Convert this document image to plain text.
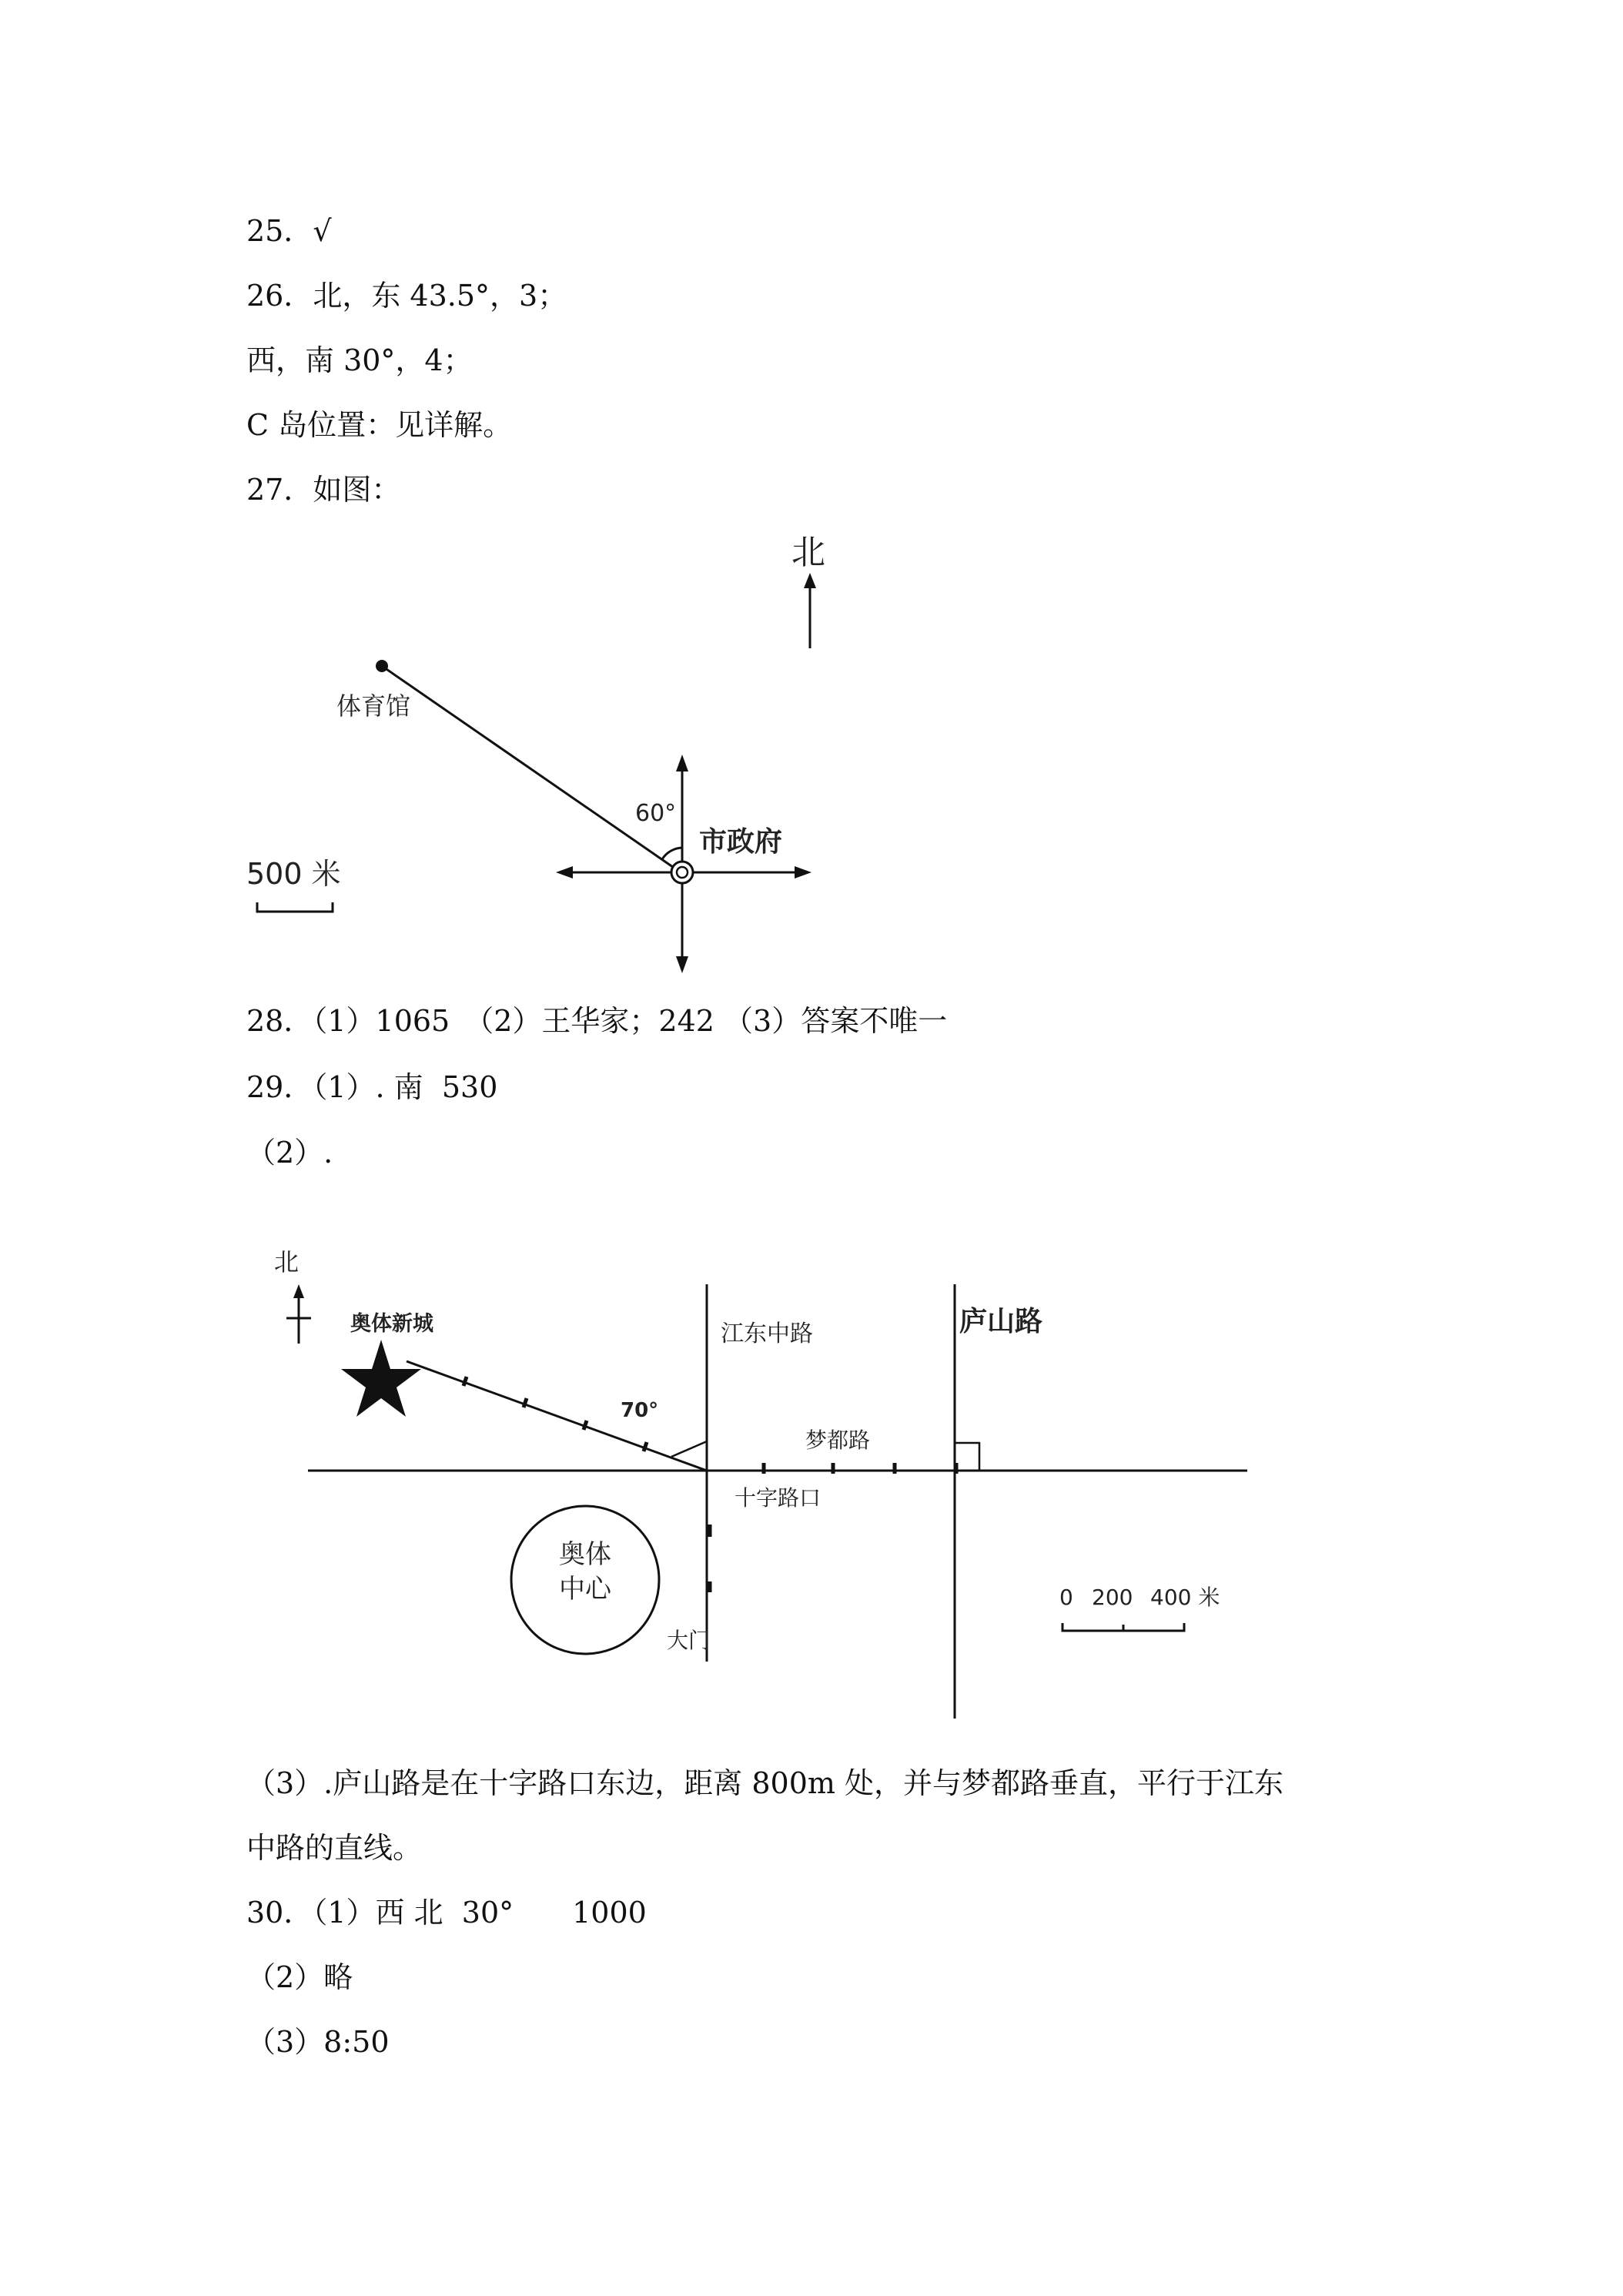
25．√

26．北，东 43.5°，3；

西，南 30°，4；

C 岛位置：见详解。

27．如图：

北
体育馆
60°
市政府
500 米

28．（1）1065　（2）王华家；242 （3）答案不唯一

29．（1）. 南  530

（2）.

北
奥体新城
70°
梦都路
江东中路
十字路口
大门
庐山路
奥体
中心	0 200 400 米

（3）.庐山路是在十字路口东边，距离 800m 处，并与梦都路垂直，平行于江东

中路的直线。

30．（1）西 北  30°　　1000

（2）略

（3）8:50
